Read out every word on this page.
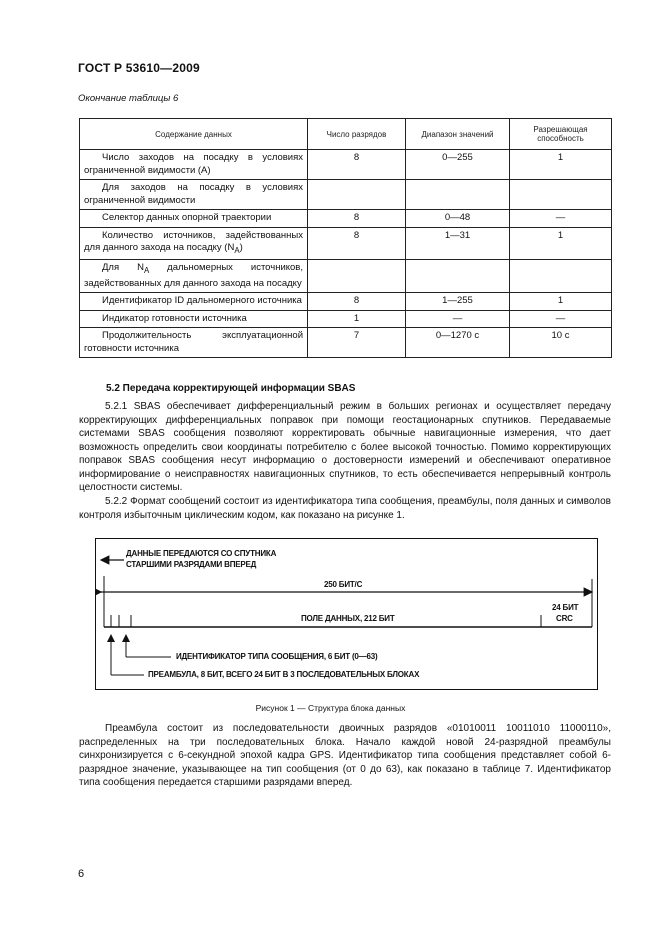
ГОСТ Р 53610—2009
Окончание таблицы 6
Содержание данных	Число разрядов	Диапазон значений	Разрешающая способность
Число заходов на посадку в условиях ограниченной видимости (А)	8	0—255	1
Для заходов на посадку в условиях ограниченной видимости			
Селектор данных опорной траектории	8	0—48	—
Количество источников, задействованных для данного захода на посадку $(N_A)$	8	1—31	1
Для $N_A$ дальномерных источников, задействованных для данного захода на посадку			
Идентификатор ID дальномерного источника	8	1—255	1
Индикатор готовности источника	1	—	—
Продолжительность эксплуатационной готовности источника	7	0—1270 с	10 с
5.2 Передача корректирующей информации SBAS
5.2.1 SBAS обеспечивает дифференциальный режим в больших регионах и осуществляет передачу корректирующих дифференциальных поправок при помощи геостационарных спутников. Передаваемые системами SBAS сообщения позволяют корректировать обычные навигационные измерения, что дает возможность определить свои координаты потребителю с более высокой точностью. Помимо корректирующих поправок SBAS сообщения несут информацию о достоверности измерений и обеспечивают оперативное информирование о неисправностях навигационных спутников, то есть обеспечивается непрерывный контроль целостности системы.
5.2.2 Формат сообщений состоит из идентификатора типа сообщения, преамбулы, поля данных и символов контроля избыточным циклическим кодом, как показано на рисунке 1.
ДАННЫЕ ПЕРЕДАЮТСЯ СО СПУТНИКА
СТАРШИМИ РАЗРЯДАМИ ВПЕРЕД
250 БИТ/С
ПОЛЕ ДАННЫХ, 212 БИТ
24 БИТ
CRC
ИДЕНТИФИКАТОР ТИПА СООБЩЕНИЯ, 6 БИТ (0—63)
ПРЕАМБУЛА, 8 БИТ, ВСЕГО 24 БИТ В 3 ПОСЛЕДОВАТЕЛЬНЫХ БЛОКАХ
Рисунок 1 — Структура блока данных
Преамбула состоит из последовательности двоичных разрядов «01010011 10011010 11000110», распределенных на три последовательных блока. Начало каждой новой 24-разрядной преамбулы синхронизируется с 6-секундной эпохой кадра GPS. Идентификатор типа сообщения представляет собой 6-разрядное значение, указывающее на тип сообщения (от 0 до 63), как показано в таблице 7. Идентификатор типа сообщения передается старшими разрядами вперед.
6
